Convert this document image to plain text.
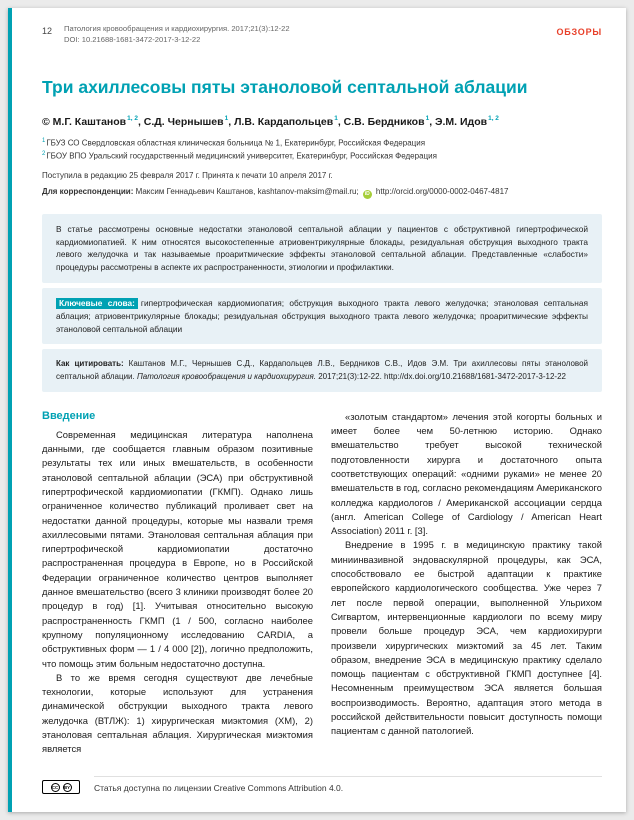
12 Патология кровообращения и кардиохирургия. 2017;21(3):12-22
DOI: 10.21688-1681-3472-2017-3-12-22
ОБЗОРЫ
Три ахиллесовы пяты этаноловой септальной аблации
© М.Г. Каштанов$^{1, 2}$, С.Д. Чернышев$^1$, Л.В. Кардапольцев$^1$, С.В. Бердников$^1$, Э.М. Идов$^{1, 2}$
$^1$ГБУЗ СО Свердловская областная клиническая больница № 1, Екатеринбург, Российская Федерация
$^2$ГБОУ ВПО Уральский государственный медицинский университет, Екатеринбург, Российская Федерация
Поступила в редакцию 25 февраля 2017 г. Принята к печати 10 апреля 2017 г.
Для корреспонденции: Максим Геннадьевич Каштанов, kashtanov-maksim@mail.ru; iD http://orcid.org/0000-0002-0467-4817
В статье рассмотрены основные недостатки этаноловой септальной аблации у пациентов с обструктивной гипертрофической кардиомиопатией. К ним относятся высокостепенные атриовентрикулярные блокады, резидуальная обструкция выходного тракта левого желудочка и так называемые проаритмические эффекты этаноловой септальной аблации. Представленные «слабости» процедуры рассмотрены в аспекте их распространенности, этиологии и профилактики.
Ключевые слова: гипертрофическая кардиомиопатия; обструкция выходного тракта левого желудочка; этаноловая септальная аблация; атриовентрикулярные блокады; резидуальная обструкция выходного тракта левого желудочка; проаритмические эффекты этаноловой септальной аблации
Как цитировать: Каштанов М.Г., Чернышев С.Д., Кардапольцев Л.В., Бердников С.В., Идов Э.М. Три ахиллесовы пяты этаноловой септальной аблации. Патология кровообращения и кардиохирургия. 2017;21(3):12-22. http://dx.doi.org/10.21688/1681-3472-2017-3-12-22
Введение

Современная медицинская литература наполнена данными, где сообщается главным образом позитивные результаты тех или иных вмешательств, в особенности этаноловой септальной аблации (ЭСА) при обструктивной гипертрофической кардиомиопатии (ГКМП). Однако лишь ограниченное количество публикаций проливает свет на недостатки данной процедуры, которые мы назвали тремя ахиллесовыми пятами. Этаноловая септальная аблация при гипертрофической кардиомиопатии достаточно распространенная процедура в Европе, но в Российской Федерации ограниченное количество центров выполняет данное вмешательство (всего 3 клиники производят более 20 процедур в год) [1]. Учитывая относительно высокую распространенность ГКМП (1 / 500, согласно наиболее крупному популяционному исследованию CARDIA, а обструктивных форм — 1 / 4 000 [2]), логично предположить, что помощь этим больным недостаточно доступна.

В то же время сегодня существуют две лечебные технологии, которые используют для устранения динамической обструкции выходного тракта левого желудочка (ВТЛЖ): 1) хирургическая миэктомия (ХМ), 2) этаноловая септальная аблация. Хирургическая миэктомия является

«золотым стандартом» лечения этой когорты больных и имеет более чем 50-летнюю историю. Однако вмешательство требует высокой технической подготовленности хирурга и достаточного опыта соответствующих операций: «одними руками» не менее 20 вмешательств в год, согласно рекомендациям Американского колледжа кардиологов / Американской ассоциации сердца (англ. American College of Cardiology / American Heart Association) 2011 г. [3].

Внедрение в 1995 г. в медицинскую практику такой миниинвазивной эндоваскулярной процедуры, как ЭСА, способствовало ее быстрой адаптации к практике европейского кардиологического сообщества. Уже через 7 лет после первой операции, выполненной Ульрихом Сигвартом, интервенционные кардиологи по всему миру провели больше процедур ЭСА, чем кардиохирурги произвели хирургических миэктомий за 45 лет. Таким образом, внедрение ЭСА в медицинскую практику сделало помощь пациентам с обструктивной ГКМП доступнее [4]. Несомненным преимуществом ЭСА является большая воспроизводимость. Вероятно, адаптация этого метода в российской действительности повысит доступность помощи пациентам с данной патологией.

CC	BY	Статья доступна по лицензии Creative Commons Attribution 4.0.
